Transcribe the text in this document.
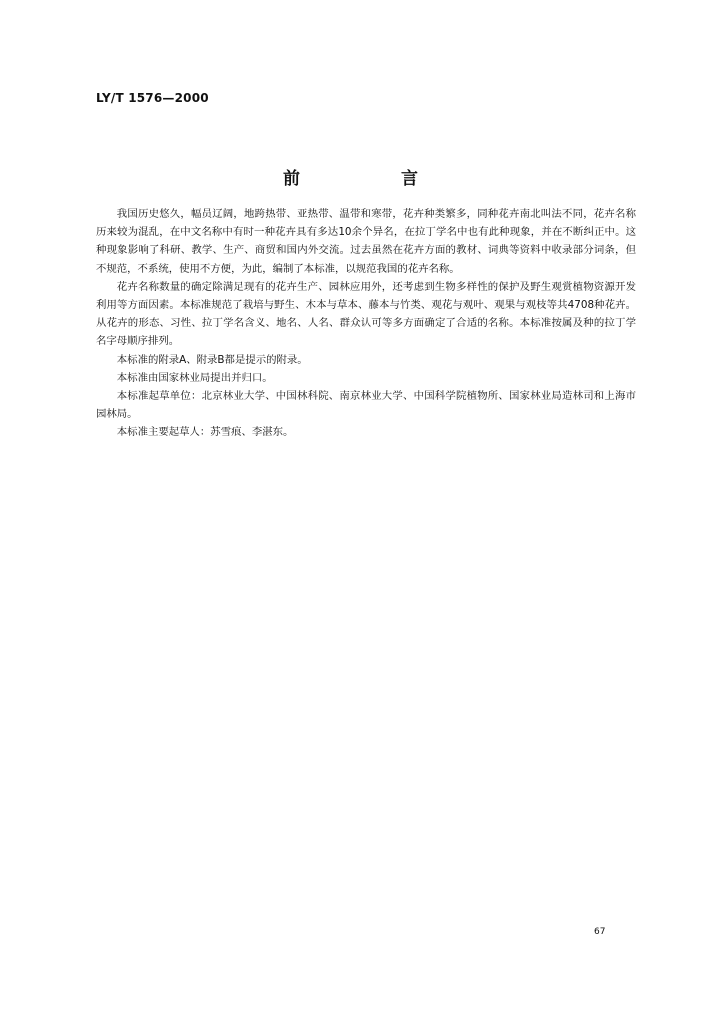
LY/T 1576—2000
前　言

我国历史悠久，幅员辽阔，地跨热带、亚热带、温带和寒带，花卉种类繁多，同种花卉南北叫法不同，花卉名称历来较为混乱，在中文名称中有时一种花卉具有多达10余个异名，在拉丁学名中也有此种现象，并在不断纠正中。这种现象影响了科研、教学、生产、商贸和国内外交流。过去虽然在花卉方面的教材、词典等资料中收录部分词条，但不规范，不系统，使用不方便，为此，编制了本标准，以规范我国的花卉名称。

花卉名称数量的确定除满足现有的花卉生产、园林应用外，还考虑到生物多样性的保护及野生观赏植物资源开发利用等方面因素。本标准规范了栽培与野生、木本与草本、藤本与竹类、观花与观叶、观果与观枝等共4708种花卉。从花卉的形态、习性、拉丁学名含义、地名、人名、群众认可等多方面确定了合适的名称。本标准按属及种的拉丁学名字母顺序排列。

本标准的附录A、附录B都是提示的附录。

本标准由国家林业局提出并归口。

本标准起草单位：北京林业大学、中国林科院、南京林业大学、中国科学院植物所、国家林业局造林司和上海市园林局。

本标准主要起草人：苏雪痕、李湛东。

67
